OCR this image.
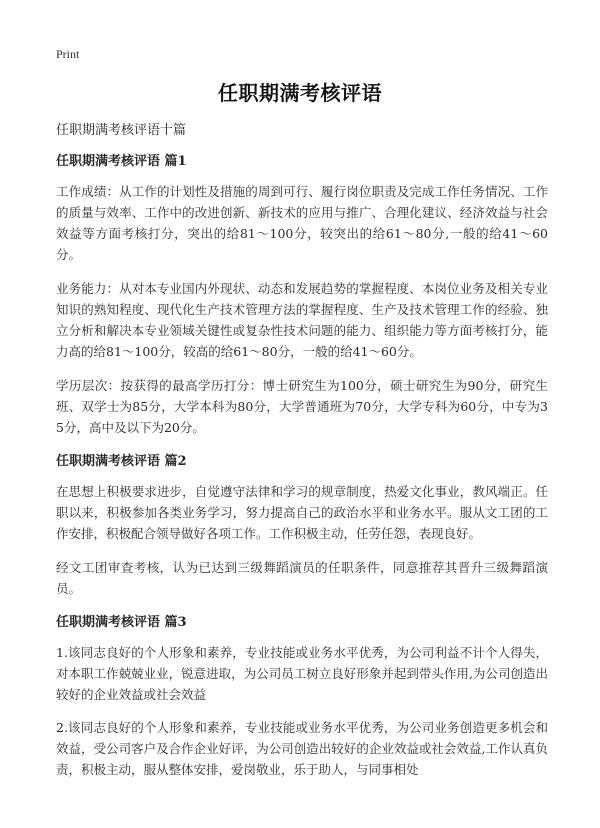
Print
任职期满考核评语
任职期满考核评语十篇
任职期满考核评语 篇1

工作成绩：从工作的计划性及措施的周到可行、履行岗位职责及完成工作任务情况、工作的质量与效率、工作中的改进创新、新技术的应用与推广、合理化建议、经济效益与社会效益等方面考核打分，突出的给81～100分，较突出的给61～80分,一般的给41～60分。

业务能力：从对本专业国内外现状、动态和发展趋势的掌握程度、本岗位业务及相关专业知识的熟知程度、现代化生产技术管理方法的掌握程度、生产及技术管理工作的经验、独立分析和解决本专业领域关键性或复杂性技术问题的能力、组织能力等方面考核打分，能力高的给81～100分，较高的给61～80分，一般的给41～60分。

学历层次：按获得的最高学历打分：博士研究生为100分，硕士研究生为90分，研究生班、双学士为85分，大学本科为80分，大学普通班为70分，大学专科为60分，中专为35分，高中及以下为20分。

任职期满考核评语 篇2

在思想上积极要求进步，自觉遵守法律和学习的规章制度，热爱文化事业，教风端正。任职以来，积极参加各类业务学习，努力提高自己的政治水平和业务水平。服从文工团的工作安排，积极配合领导做好各项工作。工作积极主动，任劳任怨，表现良好。

经文工团审查考核，认为已达到三级舞蹈演员的任职条件，同意推荐其晋升三级舞蹈演员。

任职期满考核评语 篇3

1.该同志良好的个人形象和素养，专业技能或业务水平优秀，为公司利益不计个人得失，对本职工作兢兢业业，锐意进取，为公司员工树立良好形象并起到带头作用,为公司创造出较好的企业效益或社会效益

2.该同志良好的个人形象和素养，专业技能或业务水平优秀，为公司业务创造更多机会和效益，受公司客户及合作企业好评，为公司创造出较好的企业效益或社会效益,工作认真负责，积极主动，服从整体安排，爱岗敬业，乐于助人，与同事相处
